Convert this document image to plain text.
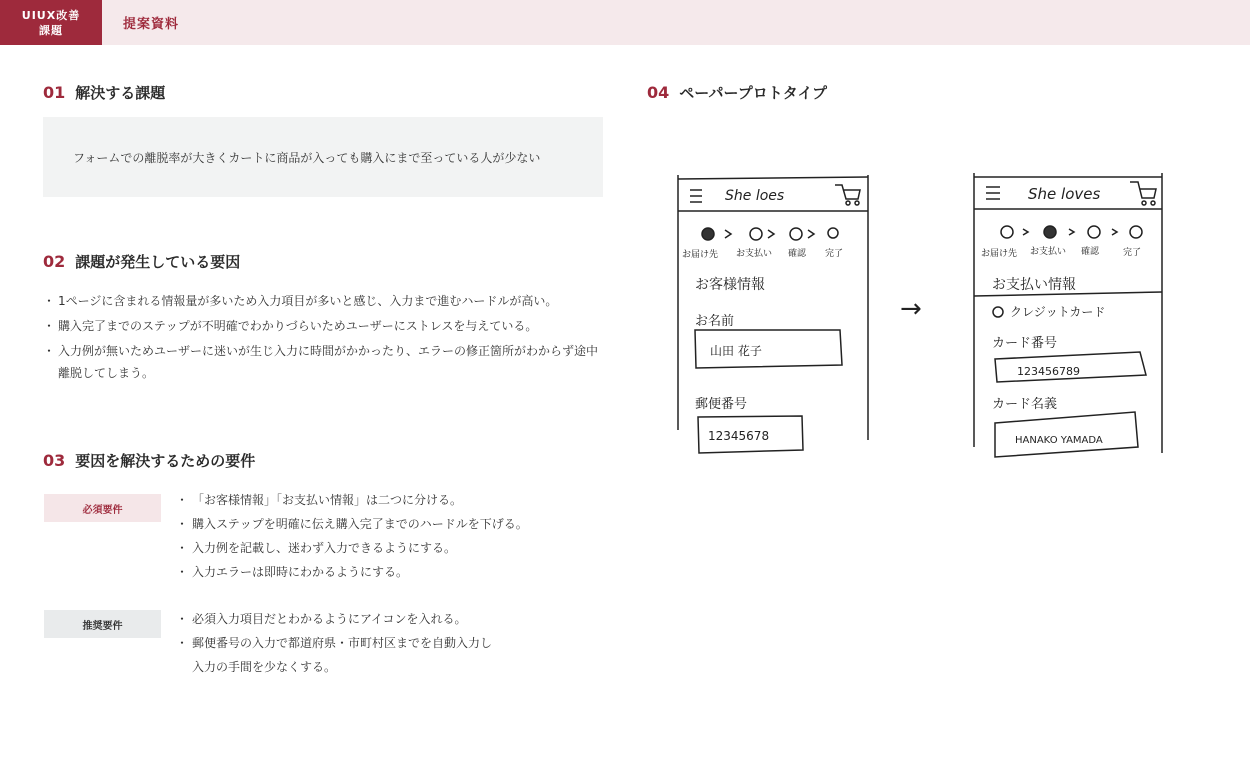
UIUX改善
課題	提案資料
01 解決する課題
フォームでの離脱率が大きくカートに商品が入っても購入にまで至っている人が少ない
02 課題が発生している要因
・ 1ページに含まれる情報量が多いため入力項目が多いと感じ、入力まで進むハードルが高い。
・ 購入完了までのステップが不明確でわかりづらいためユーザーにストレスを与えている。
・ 入力例が無いためユーザーに迷いが生じ入力に時間がかかったり、エラーの修正箇所がわからず途中離脱してしまう。
03 要因を解決するための要件
必須要件
・ 「お客様情報」「お支払い情報」は二つに分ける。
・ 購入ステップを明確に伝え購入完了までのハードルを下げる。
・ 入力例を記載し、迷わず入力できるようにする。
・ 入力エラーは即時にわかるようにする。
推奨要件
・	必須入力項目だとわかるようにアイコンを入れる。
・ 郵便番号の入力で都道府県・市町村区までを自動入力し
入力の手間を少なくする。
04 ペーパープロトタイプ
She loes
お届け先 お支払い 確認 完了
お客様情報
お名前
山田 花子
郵便番号
12345678
→
She loves
お届け先 お支払い 確認	完了
お支払い情報
クレジットカード
カード番号
123456789
カード名義
HANAKO YAMADA
